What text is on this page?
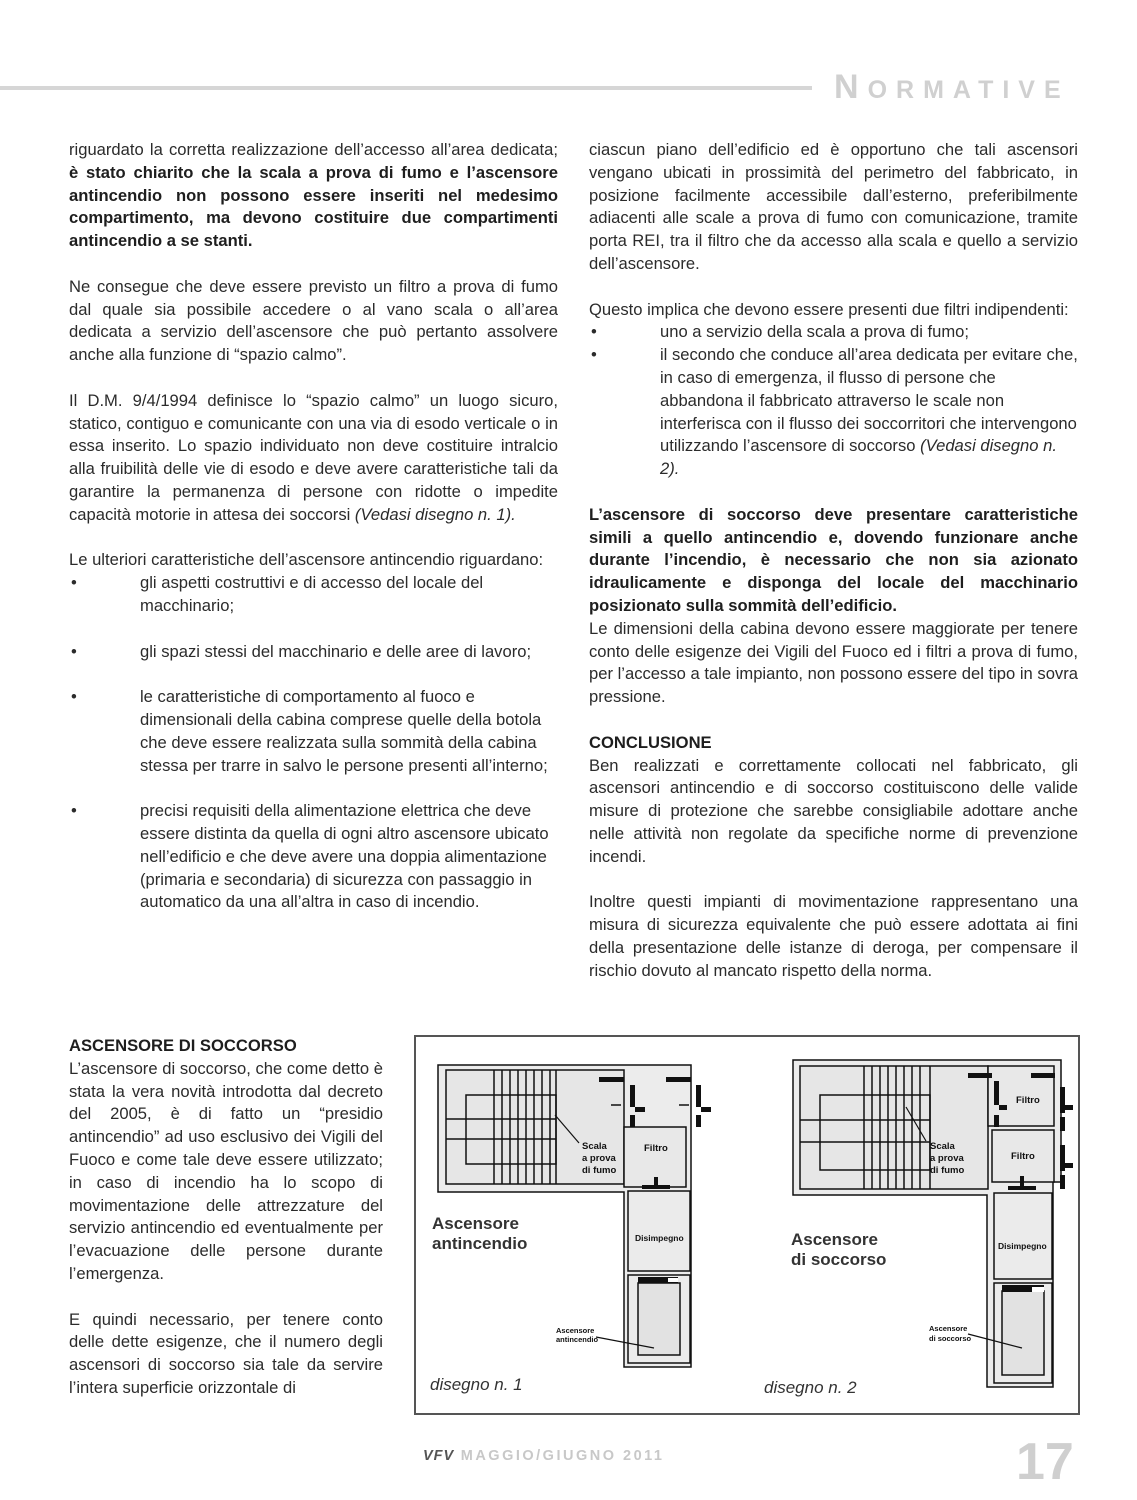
NORMATIVE

riguardato la corretta realizzazione dell’accesso all’area dedicata; è stato chiarito che la scala a prova di fumo e l’ascensore antincendio non possono essere inseriti nel medesimo compartimento, ma devono costituire due compartimenti antincendio a se stanti.

Ne consegue che deve essere previsto un filtro a prova di fumo dal quale sia possibile accedere o al vano scala o all’area dedicata a servizio dell’ascensore che può pertanto assolvere anche alla funzione di “spazio calmo”.

Il D.M. 9/4/1994 definisce lo “spazio calmo” un luogo sicuro, statico, contiguo e comunicante con una via di esodo verticale o in essa inserito. Lo spazio individuato non deve costituire intralcio alla fruibilità delle vie di esodo e deve avere caratteristiche tali da garantire la permanenza di persone con ridotte o impedite capacità motorie in attesa dei soccorsi (Vedasi disegno n. 1).

Le ulteriori caratteristiche dell’ascensore antincendio riguardano:

•	gli aspetti costruttivi e di accesso del locale del macchinario;
•	gli spazi stessi del macchinario e delle aree di lavoro;
•	le caratteristiche di comportamento al fuoco e dimensionali della cabina comprese quelle della botola che deve essere realizzata sulla sommità della cabina stessa per trarre in salvo le persone presenti all’interno;
•	precisi requisiti della alimentazione elettrica che deve essere distinta da quella di ogni altro ascensore ubicato nell’edificio e che deve avere una doppia alimentazione (primaria e secondaria) di sicurezza con passaggio in automatico da una all’altra in caso di incendio.

ciascun piano dell’edificio ed è opportuno che tali ascensori vengano ubicati in prossimità del perimetro del fabbricato, in posizione facilmente accessibile dall’esterno, preferibilmente adiacenti alle scale a prova di fumo con comunicazione, tramite porta REI, tra il filtro che da accesso alla scala e quello a servizio dell’ascensore.

Questo implica che devono essere presenti due filtri indipendenti:

•	uno a servizio della scala a prova di fumo;
•	il secondo che conduce all’area dedicata per evitare che, in caso di emergenza, il flusso di persone che abbandona il fabbricato attraverso le scale non interferisca con il flusso dei soccorritori che intervengono utilizzando l’ascensore di soccorso (Vedasi disegno n. 2).

L’ascensore di soccorso deve presentare caratteristiche simili a quello antincendio e, dovendo funzionare anche durante l’incendio, è necessario che non sia azionato idraulicamente e disponga del locale del macchinario posizionato sulla sommità dell’edificio.

Le dimensioni della cabina devono essere maggiorate per tenere conto delle esigenze dei Vigili del Fuoco ed i filtri a prova di fumo, per l’accesso a tale impianto, non possono essere del tipo in sovra pressione.

CONCLUSIONE
Ben realizzati e correttamente collocati nel fabbricato, gli ascensori antincendio e di soccorso costituiscono delle valide misure di protezione che sarebbe consigliabile adottare anche nelle attività non regolate da specifiche norme di prevenzione incendi.

Inoltre questi impianti di movimentazione rappresentano una misura di sicurezza equivalente che può essere adottata ai fini della presentazione delle istanze di deroga, per compensare il rischio dovuto al mancato rispetto della norma.

ASCENSORE DI SOCCORSO
L’ascensore di soccorso, che come detto è stata la vera novità introdotta dal decreto del 2005, è di fatto un “presidio antincendio” ad uso esclusivo dei Vigili del Fuoco e come tale deve essere utilizzato; in caso di incendio ha lo scopo di movimentazione delle attrezzature del servizio antincendio ed eventualmente per l’evacuazione delle persone durante l’emergenza.

E quindi necessario, per tenere conto delle dette esigenze, che il numero degli ascensori di soccorso sia tale da servire l’intera superficie orizzontale di

Scala
a prova
di fumo
Filtro
Disimpegno
Ascensore
antincendio
Ascensore
antincendio
Filtro
Filtro
Scala
a prova
di fumo
Disimpegno
Ascensore
di soccorso
Ascensore
di soccorso
disegno n. 1	disegno n. 2
VFV MAGGIO/GIUGNO 2011	17
